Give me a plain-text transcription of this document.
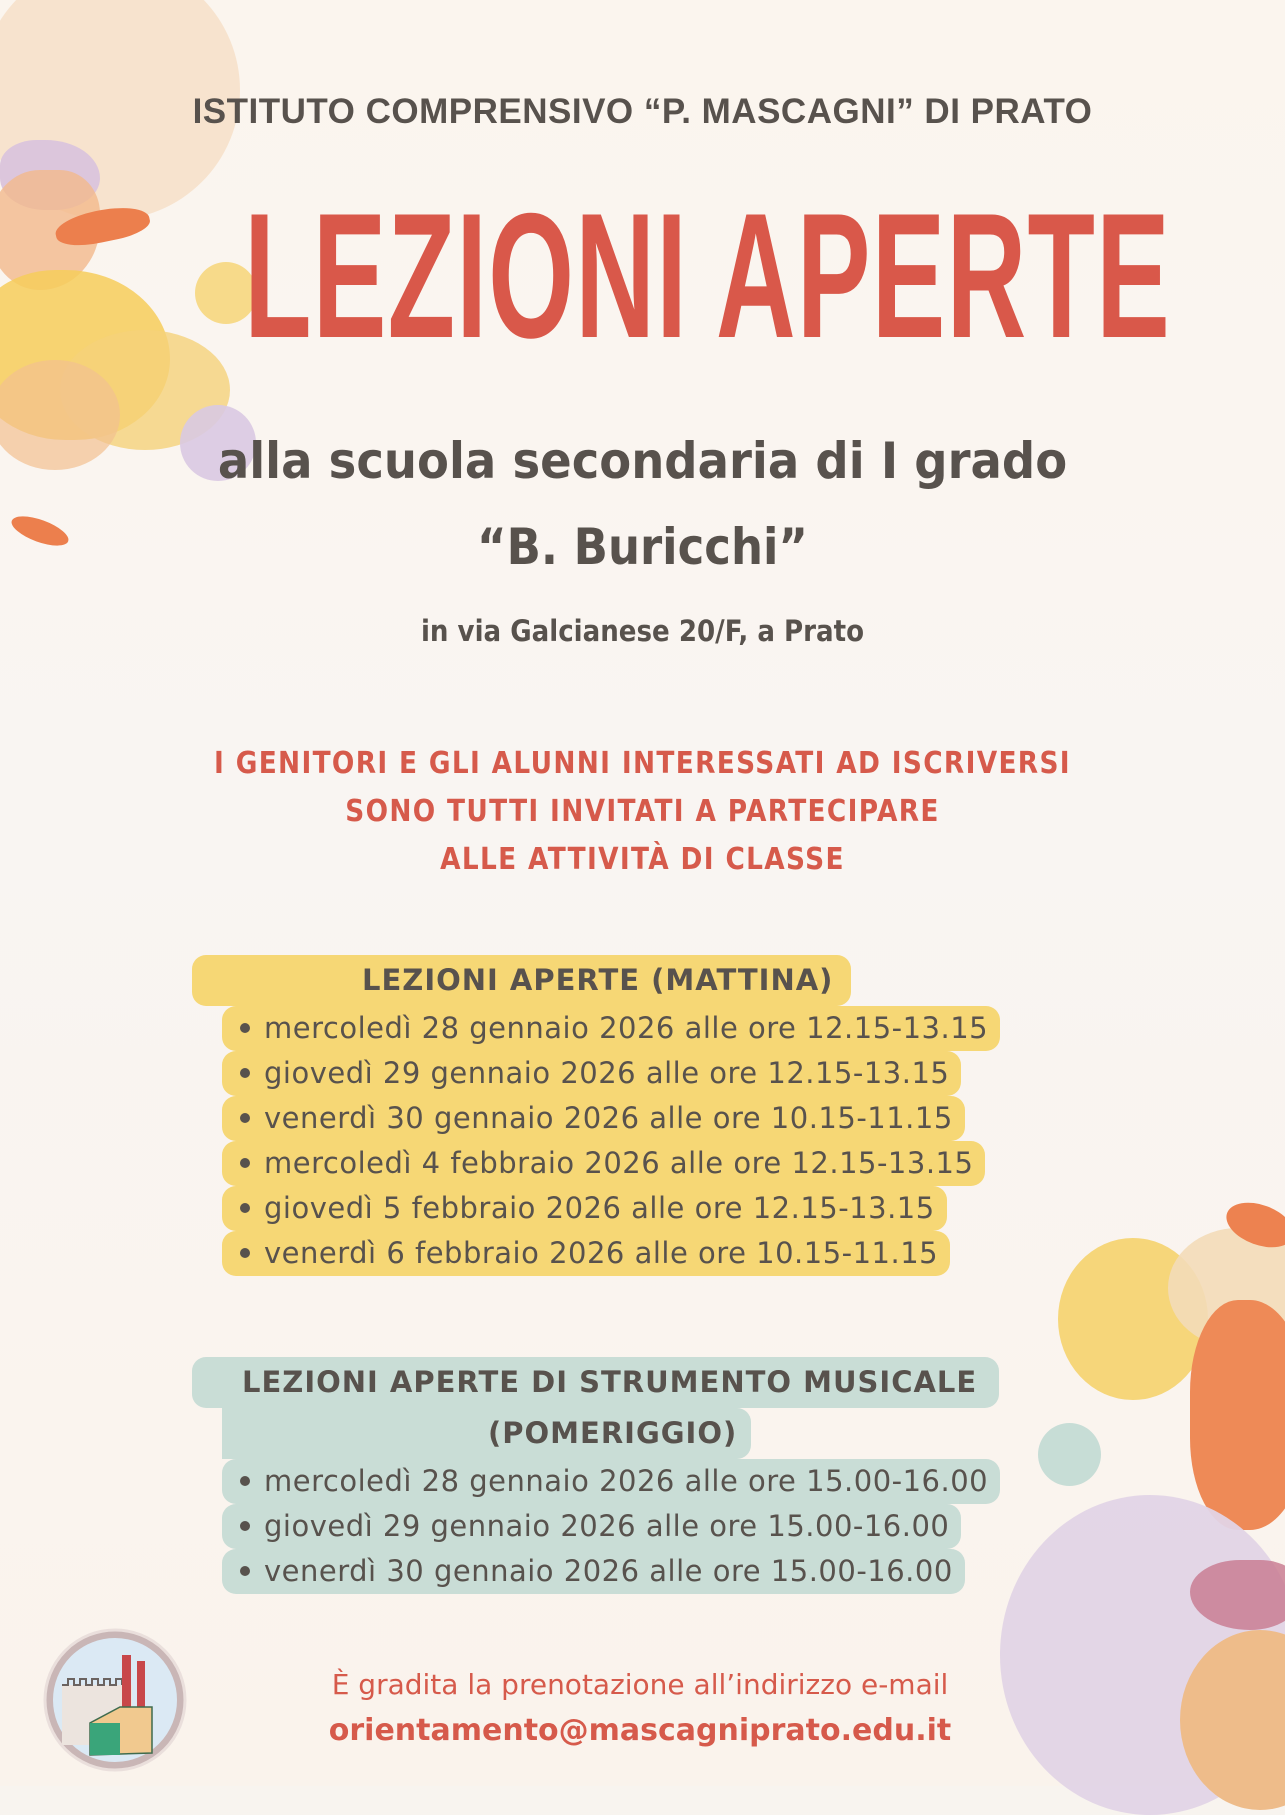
ISTITUTO COMPRENSIVO “P. MASCAGNI” DI PRATO
LEZIONI APERTE
alla scuola secondaria di I grado
“B. Buricchi”
in via Galcianese 20/F, a Prato
I GENITORI E GLI ALUNNI INTERESSATI AD ISCRIVERSI
SONO TUTTI INVITATI A PARTECIPARE
ALLE ATTIVITÀ DI CLASSE
LEZIONI APERTE (MATTINA)
mercoledì 28 gennaio 2026 alle ore 12.15-13.15
giovedì 29 gennaio 2026 alle ore 12.15-13.15
venerdì 30 gennaio 2026 alle ore 10.15-11.15
mercoledì 4 febbraio 2026 alle ore 12.15-13.15
giovedì 5 febbraio 2026 alle ore 12.15-13.15
venerdì 6 febbraio 2026 alle ore 10.15-11.15
LEZIONI APERTE DI STRUMENTO MUSICALE
(POMERIGGIO)
mercoledì 28 gennaio 2026 alle ore 15.00-16.00
giovedì 29 gennaio 2026 alle ore 15.00-16.00
venerdì 30 gennaio 2026 alle ore 15.00-16.00
È gradita la prenotazione all’indirizzo e-mail
orientamento@mascagniprato.edu.it
